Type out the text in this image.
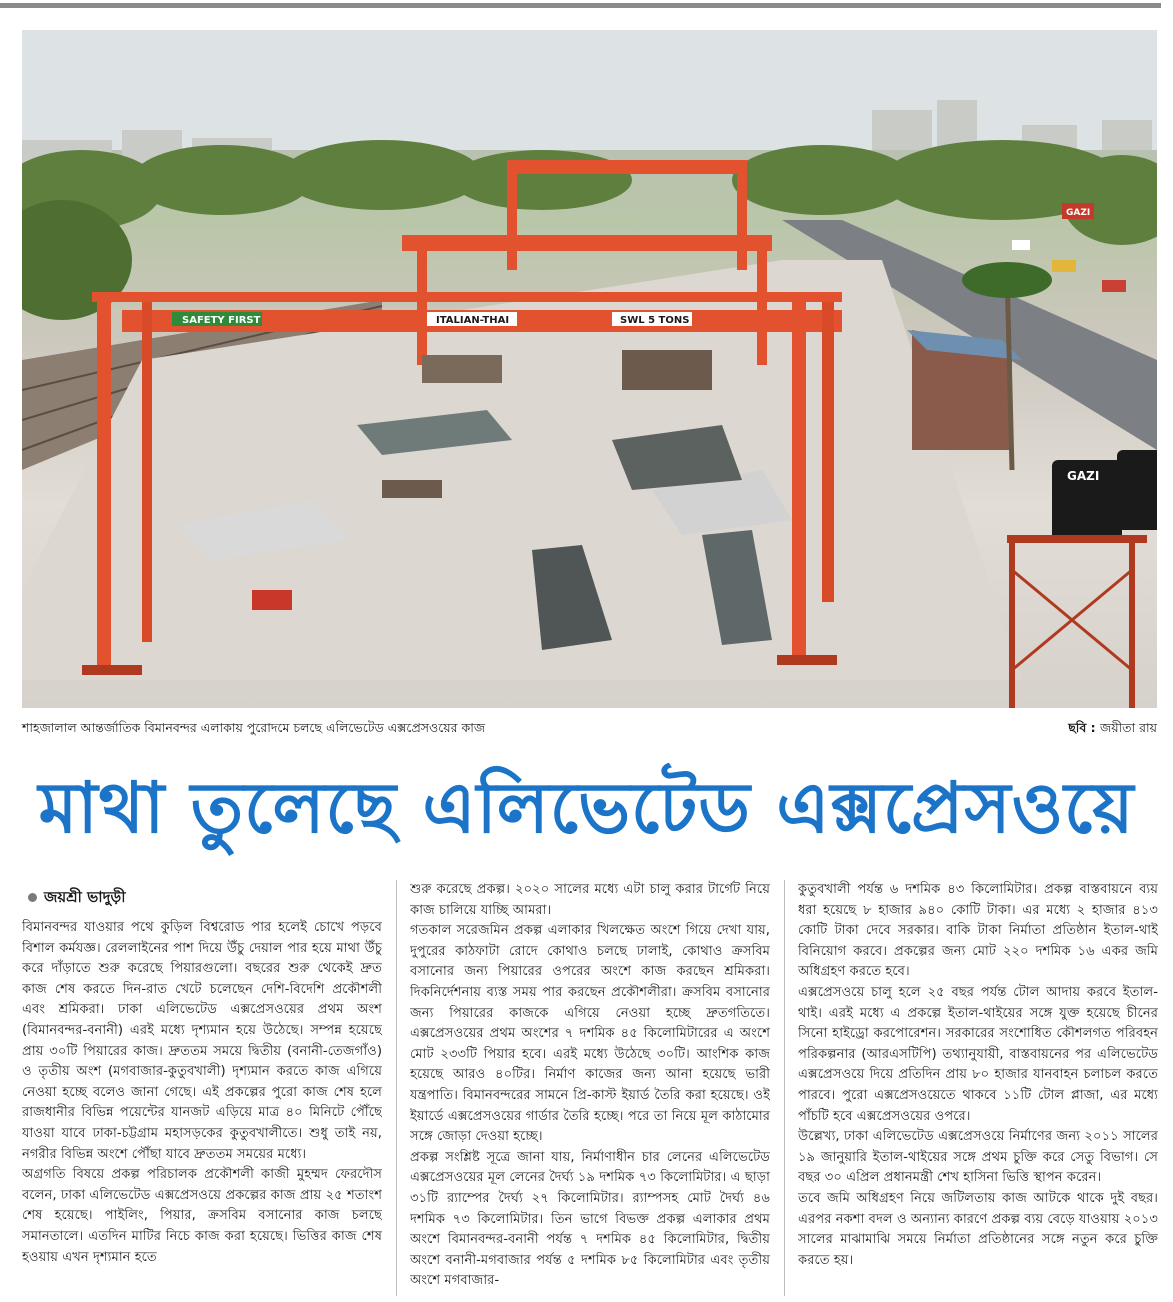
SAFETY FIRST	ITALIAN-THAI	SWL 5 TONS
GAZI
GAZI
শাহজালাল আন্তর্জাতিক বিমানবন্দর এলাকায় পুরোদমে চলছে এলিভেটেড এক্সপ্রেসওয়ের কাজ	ছবি : জয়ীতা রায়
মাথা তুলেছে এলিভেটেড এক্সপ্রেসওয়ে
জয়শ্রী ভাদুড়ী

বিমানবন্দর যাওয়ার পথে কুড়িল বিশ্বরোড পার হলেই চোখে পড়বে বিশাল কর্মযজ্ঞ। রেললাইনের পাশ দিয়ে উঁচু দেয়াল পার হয়ে মাথা উঁচু করে দাঁড়াতে শুরু করেছে পিয়ারগুলো। বছরের শুরু থেকেই দ্রুত কাজ শেষ করতে দিন-রাত খেটে চলেছেন দেশি-বিদেশি প্রকৌশলী এবং শ্রমিকরা। ঢাকা এলিভেটেড এক্সপ্রেসওয়ের প্রথম অংশ (বিমানবন্দর-বনানী) এরই মধ্যে দৃশ্যমান হয়ে উঠেছে। সম্পন্ন হয়েছে প্রায় ৩০টি পিয়ারের কাজ। দ্রুততম সময়ে দ্বিতীয় (বনানী-তেজগাঁও) ও তৃতীয় অংশ (মগবাজার-কুতুবখালী) দৃশ্যমান করতে কাজ এগিয়ে নেওয়া হচ্ছে বলেও জানা গেছে। এই প্রকল্পের পুরো কাজ শেষ হলে রাজধানীর বিভিন্ন পয়েন্টের যানজট এড়িয়ে মাত্র ৪০ মিনিটে পৌঁছে যাওয়া যাবে ঢাকা-চট্টগ্রাম মহাসড়কের কুতুবখালীতে। শুধু তাই নয়, নগরীর বিভিন্ন অংশে পৌঁছা যাবে দ্রুততম সময়ের মধ্যে।

অগ্রগতি বিষয়ে প্রকল্প পরিচালক প্রকৌশলী কাজী মুহম্মদ ফেরদৌস বলেন, ঢাকা এলিভেটেড এক্সপ্রেসওয়ে প্রকল্পের কাজ প্রায় ২৫ শতাংশ শেষ হয়েছে। পাইলিং, পিয়ার, ক্রসবিম বসানোর কাজ চলছে সমানতালে। এতদিন মাটির নিচে কাজ করা হয়েছে। ভিত্তির কাজ শেষ হওয়ায় এখন দৃশ্যমান হতে

শুরু করেছে প্রকল্প। ২০২০ সালের মধ্যে এটা চালু করার টার্গেট নিয়ে কাজ চালিয়ে যাচ্ছি আমরা।

গতকাল সরেজমিন প্রকল্প এলাকার খিলক্ষেত অংশে গিয়ে দেখা যায়, দুপুরের কাঠফাটা রোদে কোথাও চলছে ঢালাই, কোথাও ক্রসবিম বসানোর জন্য পিয়ারের ওপরের অংশে কাজ করছেন শ্রমিকরা। দিকনির্দেশনায় ব্যস্ত সময় পার করছেন প্রকৌশলীরা। ক্রসবিম বসানোর জন্য পিয়ারের কাজকে এগিয়ে নেওয়া হচ্ছে দ্রুতগতিতে। এক্সপ্রেসওয়ের প্রথম অংশের ৭ দশমিক ৪৫ কিলোমিটারের এ অংশে মোট ২৩৩টি পিয়ার হবে। এরই মধ্যে উঠেছে ৩০টি। আংশিক কাজ হয়েছে আরও ৪০টির। নির্মাণ কাজের জন্য আনা হয়েছে ভারী যন্ত্রপাতি। বিমানবন্দরের সামনে প্রি-কাস্ট ইয়ার্ড তৈরি করা হয়েছে। ওই ইয়ার্ডে এক্সপ্রেসওয়ের গার্ডার তৈরি হচ্ছে। পরে তা নিয়ে মূল কাঠামোর সঙ্গে জোড়া দেওয়া হচ্ছে।

প্রকল্প সংশ্লিষ্ট সূত্রে জানা যায়, নির্মাণাধীন চার লেনের এলিভেটেড এক্সপ্রেসওয়ের মূল লেনের দৈর্ঘ্য ১৯ দশমিক ৭৩ কিলোমিটার। এ ছাড়া ৩১টি র‌্যাম্পের দৈর্ঘ্য ২৭ কিলোমিটার। র‌্যাম্পসহ মোট দৈর্ঘ্য ৪৬ দশমিক ৭৩ কিলোমিটার। তিন ভাগে বিভক্ত প্রকল্প এলাকার প্রথম অংশে বিমানবন্দর-বনানী পর্যন্ত ৭ দশমিক ৪৫ কিলোমিটার, দ্বিতীয় অংশে বনানী-মগবাজার পর্যন্ত ৫ দশমিক ৮৫ কিলোমিটার এবং তৃতীয় অংশে মগবাজার-

কুতুবখালী পর্যন্ত ৬ দশমিক ৪৩ কিলোমিটার। প্রকল্প বাস্তবায়নে ব্যয় ধরা হয়েছে ৮ হাজার ৯৪০ কোটি টাকা। এর মধ্যে ২ হাজার ৪১৩ কোটি টাকা দেবে সরকার। বাকি টাকা নির্মাতা প্রতিষ্ঠান ইতাল-থাই বিনিয়োগ করবে। প্রকল্পের জন্য মোট ২২০ দশমিক ১৬ একর জমি অধিগ্রহণ করতে হবে।

এক্সপ্রেসওয়ে চালু হলে ২৫ বছর পর্যন্ত টোল আদায় করবে ইতাল-থাই। এরই মধ্যে এ প্রকল্পে ইতাল-থাইয়ের সঙ্গে যুক্ত হয়েছে চীনের সিনো হাইড্রো করপোরেশন। সরকারের সংশোধিত কৌশলগত পরিবহন পরিকল্পনার (আরএসটিপি) তথ্যানুযায়ী, বাস্তবায়নের পর এলিভেটেড এক্সপ্রেসওয়ে দিয়ে প্রতিদিন প্রায় ৮০ হাজার যানবাহন চলাচল করতে পারবে। পুরো এক্সপ্রেসওয়েতে থাকবে ১১টি টোল প্লাজা, এর মধ্যে পাঁচটি হবে এক্সপ্রেসওয়ের ওপরে।

উল্লেখ্য, ঢাকা এলিভেটেড এক্সপ্রেসওয়ে নির্মাণের জন্য ২০১১ সালের ১৯ জানুয়ারি ইতাল-থাইয়ের সঙ্গে প্রথম চুক্তি করে সেতু বিভাগ। সে বছর ৩০ এপ্রিল প্রধানমন্ত্রী শেখ হাসিনা ভিত্তি স্থাপন করেন।

তবে জমি অধিগ্রহণ নিয়ে জটিলতায় কাজ আটকে থাকে দুই বছর। এরপর নকশা বদল ও অন্যান্য কারণে প্রকল্প ব্যয় বেড়ে যাওয়ায় ২০১৩ সালের মাঝামাঝি সময়ে নির্মাতা প্রতিষ্ঠানের সঙ্গে নতুন করে চুক্তি করতে হয়।
